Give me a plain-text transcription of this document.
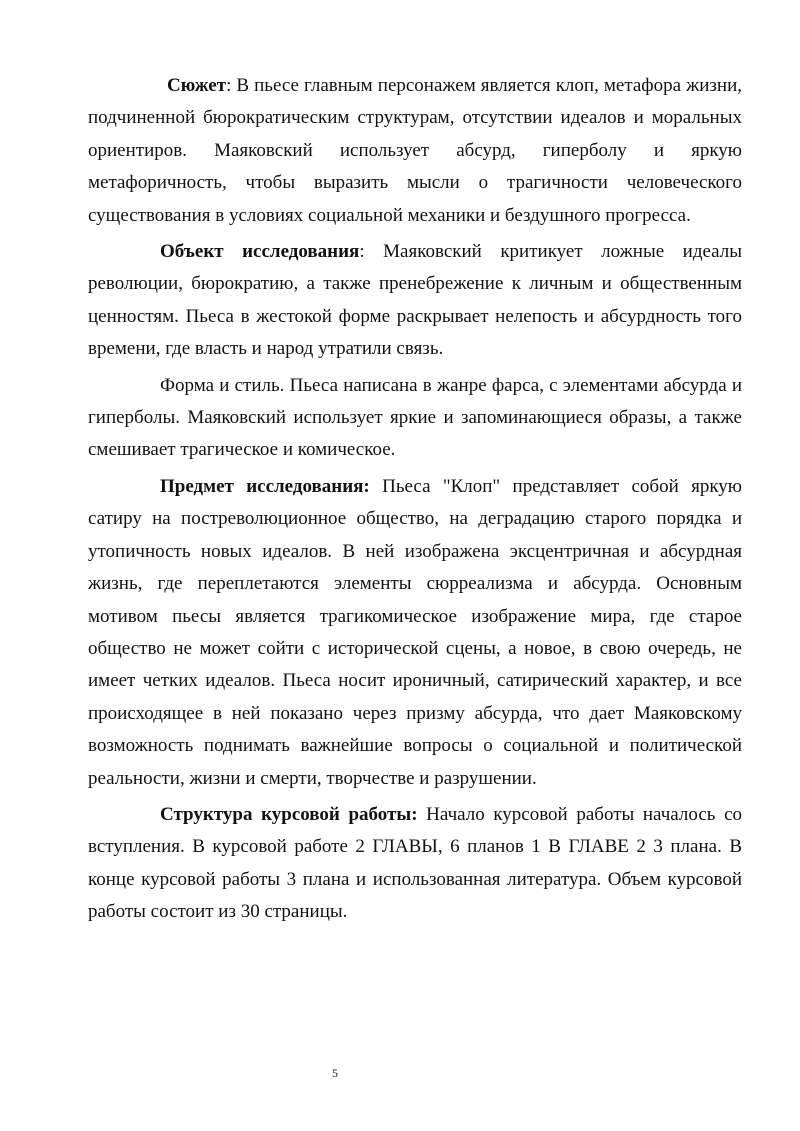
Сюжет: В пьесе главным персонажем является клоп, метафора жизни, подчиненной бюрократическим структурам, отсутствии идеалов и моральных ориентиров. Маяковский использует абсурд, гиперболу и яркую метафоричность, чтобы выразить мысли о трагичности человеческого существования в условиях социальной механики и бездушного прогресса.

Объект исследования: Маяковский критикует ложные идеалы революции, бюрократию, а также пренебрежение к личным и общественным ценностям. Пьеса в жестокой форме раскрывает нелепость и абсурдность того времени, где власть и народ утратили связь.

Форма и стиль. Пьеса написана в жанре фарса, с элементами абсурда и гиперболы. Маяковский использует яркие и запоминающиеся образы, а также смешивает трагическое и комическое.

Предмет исследования: Пьеса "Клоп" представляет собой яркую сатиру на постреволюционное общество, на деградацию старого порядка и утопичность новых идеалов. В ней изображена эксцентричная и абсурдная жизнь, где переплетаются элементы сюрреализма и абсурда. Основным мотивом пьесы является трагикомическое изображение мира, где старое общество не может сойти с исторической сцены, а новое, в свою очередь, не имеет четких идеалов. Пьеса носит ироничный, сатирический характер, и все происходящее в ней показано через призму абсурда, что дает Маяковскому возможность поднимать важнейшие вопросы о социальной и политической реальности, жизни и смерти, творчестве и разрушении.

Структура курсовой работы: Начало курсовой работы началось со вступления. В курсовой работе 2 ГЛАВЫ, 6 планов 1 В ГЛАВЕ 2 3 плана. В конце курсовой работы 3 плана и использованная литература. Объем курсовой работы состоит из 30 страницы.

5
